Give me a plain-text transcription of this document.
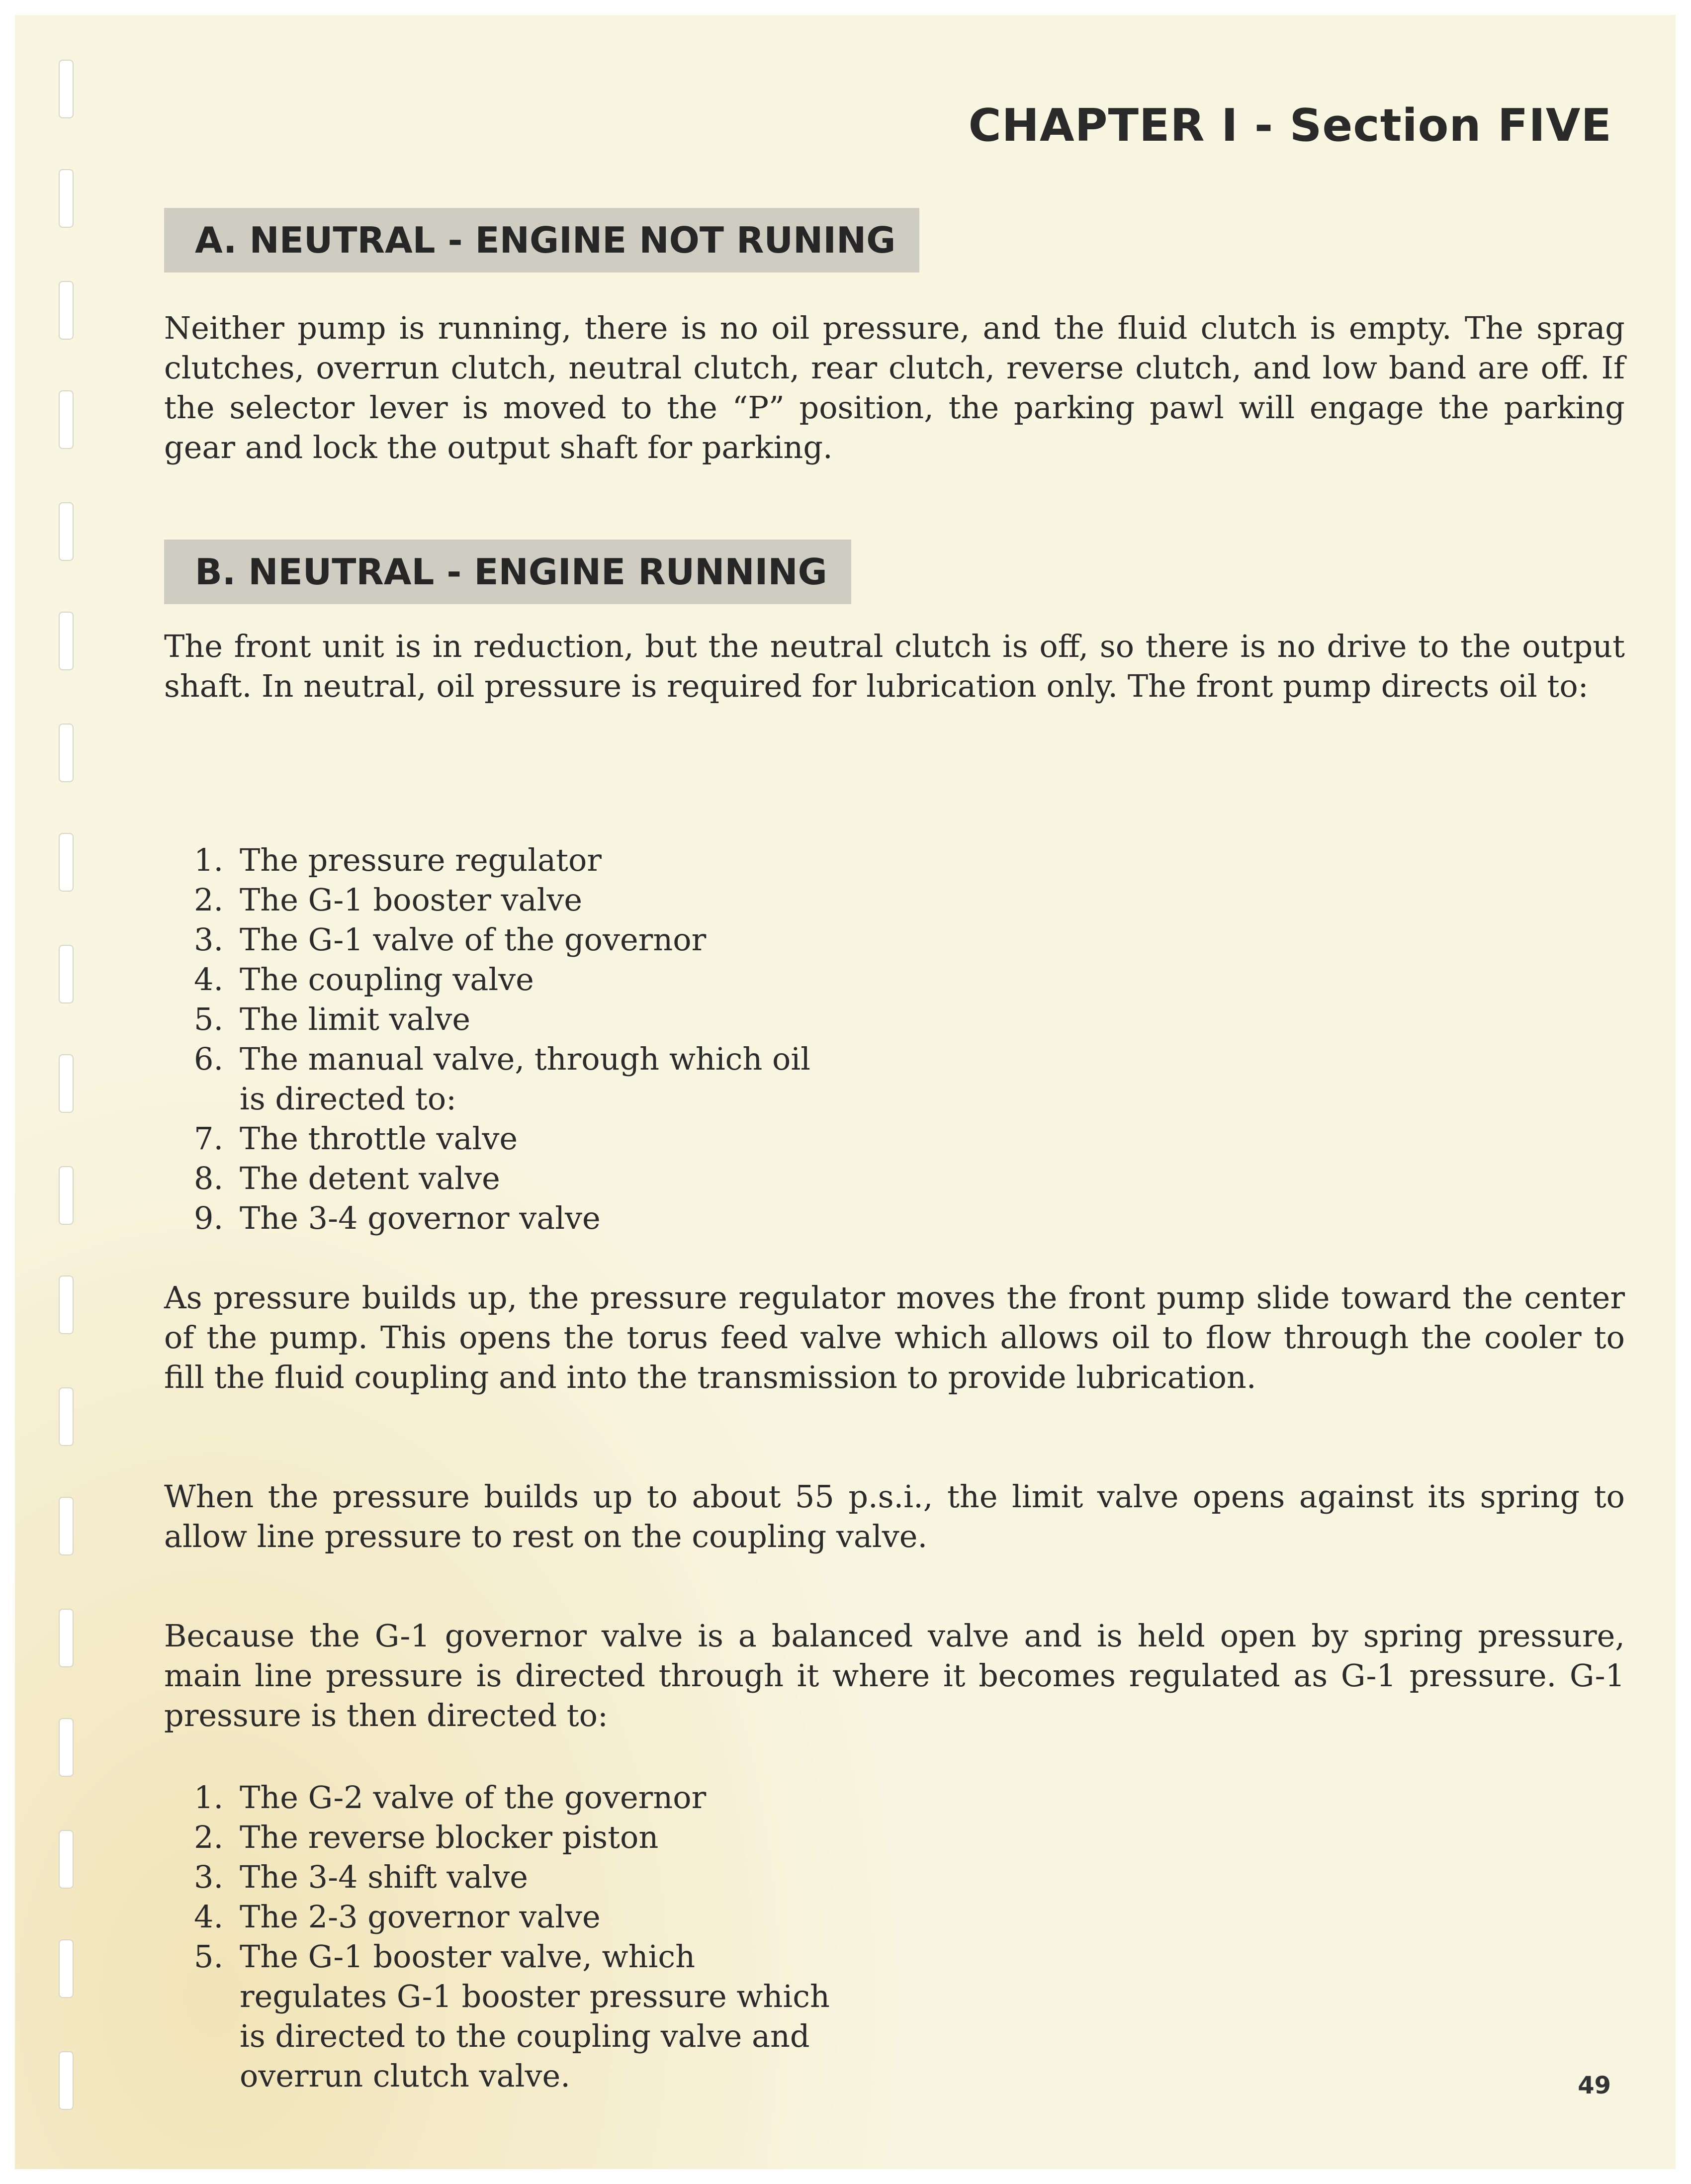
CHAPTER I - Section FIVE
A. NEUTRAL - ENGINE NOT RUNING

Neither pump is running, there is no oil pressure, and the fluid clutch is empty. The sprag clutches, overrun clutch, neutral clutch, rear clutch, reverse clutch, and low band are off. If the selector lever is moved to the “P” position, the parking pawl will engage the parking gear and lock the output shaft for parking.

B. NEUTRAL - ENGINE RUNNING

The front unit is in reduction, but the neutral clutch is off, so there is no drive to the output shaft. In neutral, oil pressure is required for lubrication only. The front pump directs oil to:

1. The pressure regulator
2. The G-1 booster valve
3. The G-1 valve of the governor
4. The coupling valve
5. The limit valve
6. The manual valve, through which oil is directed to:
7. The throttle valve
8. The detent valve
9. The 3-4 governor valve

As pressure builds up, the pressure regulator moves the front pump slide toward the center of the pump. This opens the torus feed valve which allows oil to flow through the cooler to fill the fluid coupling and into the transmission to provide lubrication.

When the pressure builds up to about 55 p.s.i., the limit valve opens against its spring to allow line pressure to rest on the coupling valve.

Because the G-1 governor valve is a balanced valve and is held open by spring pressure, main line pressure is directed through it where it becomes regulated as G-1 pressure. G-1 pressure is then directed to:

1. The G-2 valve of the governor
2. The reverse blocker piston
3. The 3-4 shift valve
4. The 2-3 governor valve
5. The G-1 booster valve, which regulates G-1 booster pressure which is directed to the coupling valve and overrun clutch valve.	49
